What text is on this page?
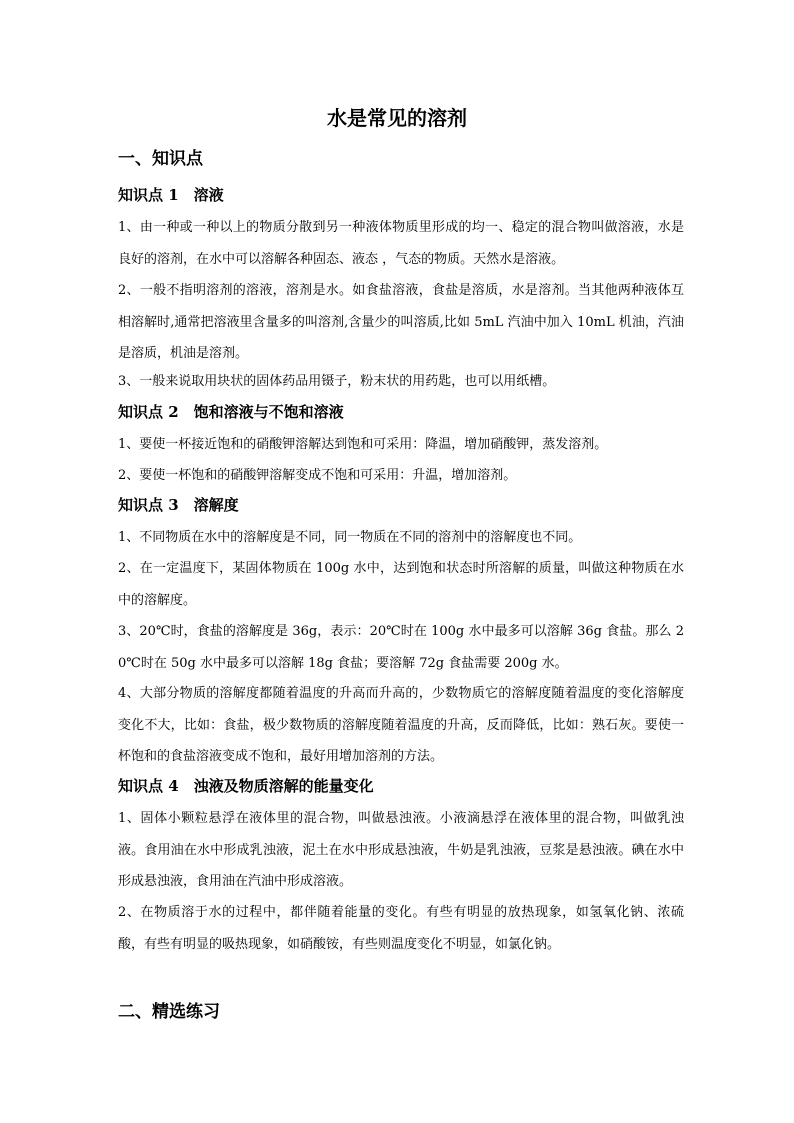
水是常见的溶剂
一、知识点
知识点 1　溶液

1、由一种或一种以上的物质分散到另一种液体物质里形成的均一、稳定的混合物叫做溶液，水是良好的溶剂，在水中可以溶解各种固态、液态 ，气态的物质。天然水是溶液。

2、一般不指明溶剂的溶液，溶剂是水。如食盐溶液，食盐是溶质，水是溶剂。当其他两种液体互相溶解时,通常把溶液里含量多的叫溶剂,含量少的叫溶质,比如 5mL 汽油中加入 10mL 机油，汽油是溶质，机油是溶剂。

3、一般来说取用块状的固体药品用镊子，粉末状的用药匙，也可以用纸槽。

知识点 2　饱和溶液与不饱和溶液

1、要使一杯接近饱和的硝酸钾溶解达到饱和可采用：降温，增加硝酸钾，蒸发溶剂。

2、要使一杯饱和的硝酸钾溶解变成不饱和可采用：升温，增加溶剂。

知识点 3　溶解度

1、不同物质在水中的溶解度是不同，同一物质在不同的溶剂中的溶解度也不同。

2、在一定温度下，某固体物质在 100g 水中，达到饱和状态时所溶解的质量，叫做这种物质在水中的溶解度。

3、20℃时，食盐的溶解度是 36g，表示：20℃时在 100g 水中最多可以溶解 36g 食盐。那么 20℃时在 50g 水中最多可以溶解 18g 食盐；要溶解 72g 食盐需要 200g 水。

4、大部分物质的溶解度都随着温度的升高而升高的，少数物质它的溶解度随着温度的变化溶解度变化不大，比如：食盐，极少数物质的溶解度随着温度的升高，反而降低，比如：熟石灰。要使一杯饱和的食盐溶液变成不饱和，最好用增加溶剂的方法。

知识点 4　浊液及物质溶解的能量变化

1、固体小颗粒悬浮在液体里的混合物，叫做悬浊液。小液滴悬浮在液体里的混合物，叫做乳浊液。食用油在水中形成乳浊液，泥土在水中形成悬浊液，牛奶是乳浊液，豆浆是悬浊液。碘在水中形成悬浊液，食用油在汽油中形成溶液。

2、在物质溶于水的过程中，都伴随着能量的变化。有些有明显的放热现象，如氢氧化钠、浓硫酸，有些有明显的吸热现象，如硝酸铵，有些则温度变化不明显，如氯化钠。

二、精选练习
